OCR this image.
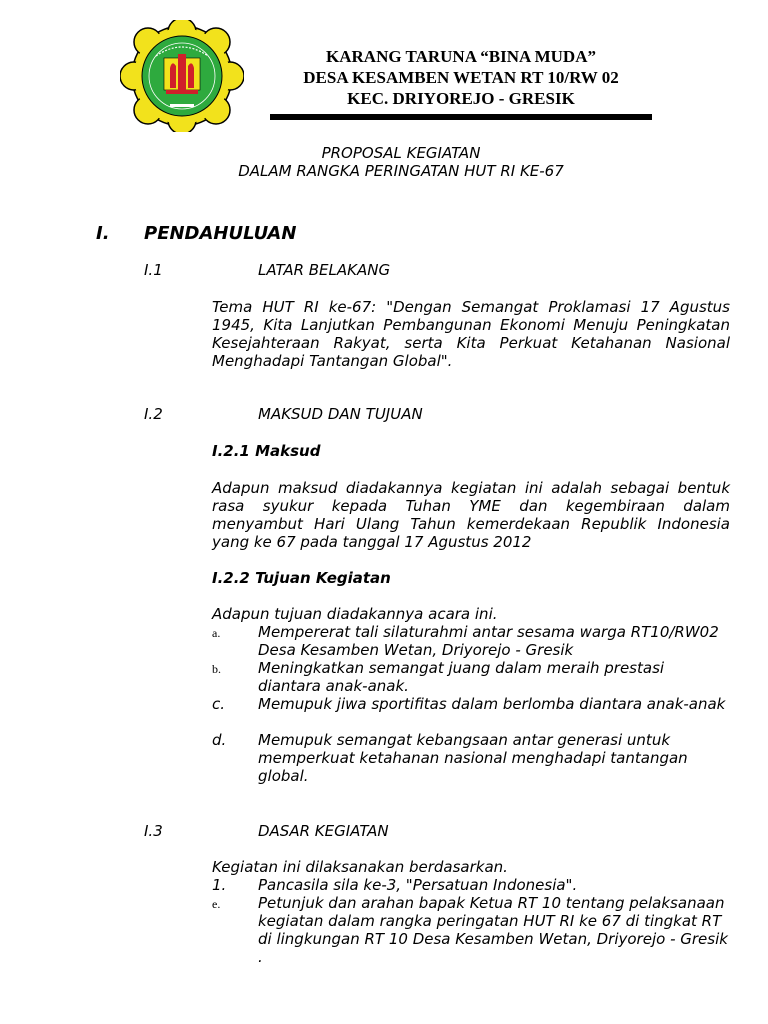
KARANG TARUNA “BINA MUDA”
DESA KESAMBEN WETAN RT 10/RW 02
KEC. DRIYOREJO - GRESIK
PROPOSAL KEGIATAN
DALAM RANGKA PERINGATAN HUT RI KE-67
I. PENDAHULUAN
I.1	LATAR BELAKANG
Tema HUT RI ke-67: "Dengan Semangat Proklamasi 17 Agustus 1945, Kita Lanjutkan Pembangunan Ekonomi Menuju Peningkatan Kesejahteraan Rakyat, serta Kita Perkuat Ketahanan Nasional Menghadapi Tantangan Global".
I.2	MAKSUD DAN TUJUAN
I.2.1 Maksud
Adapun maksud diadakannya kegiatan ini adalah sebagai bentuk rasa syukur kepada Tuhan YME dan kegembiraan dalam menyambut Hari Ulang Tahun kemerdekaan Republik Indonesia yang ke 67 pada tanggal 17 Agustus 2012
I.2.2 Tujuan Kegiatan
Adapun tujuan diadakannya acara ini.
a.	Mempererat tali silaturahmi antar sesama warga RT10/RW02 Desa Kesamben Wetan, Driyorejo - Gresik
b. Meningkatkan semangat juang dalam meraih prestasi diantara anak-anak.
c. Memupuk jiwa sportifitas dalam berlomba diantara anak-anak
d. Memupuk semangat kebangsaan antar generasi untuk memperkuat ketahanan nasional menghadapi tantangan global.
I.3	DASAR KEGIATAN
Kegiatan ini dilaksanakan berdasarkan.
1. Pancasila sila ke-3, "Persatuan Indonesia".
e.	Petunjuk dan arahan bapak Ketua RT 10 tentang pelaksanaan kegiatan dalam rangka peringatan HUT RI ke 67 di tingkat RT di lingkungan RT 10 Desa Kesamben Wetan, Driyorejo - Gresik .
